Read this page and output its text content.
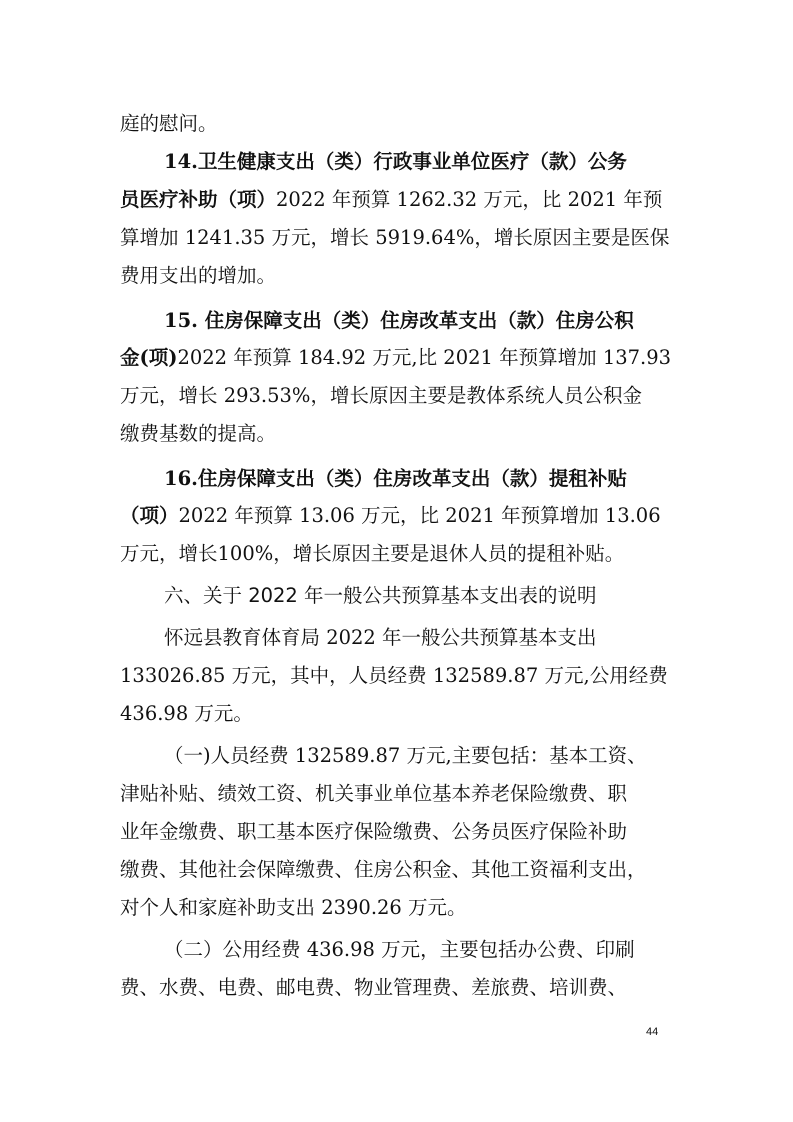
庭的慰问。
14.卫生健康支出（类）行政事业单位医疗（款）公务
员医疗补助（项）2022 年预算 1262.32 万元，比 2021 年预
算增加 1241.35 万元，增长 5919.64%，增长原因主要是医保
费用支出的增加。
15. 住房保障支出（类）住房改革支出（款）住房公积
金(项)2022 年预算 184.92 万元,比 2021 年预算增加 137.93
万元，增长 293.53%，增长原因主要是教体系统人员公积金
缴费基数的提高。
16.住房保障支出（类）住房改革支出（款）提租补贴
（项）2022 年预算 13.06 万元，比 2021 年预算增加 13.06
万元，增长100%，增长原因主要是退休人员的提租补贴。
六、关于 2022 年一般公共预算基本支出表的说明
怀远县教育体育局 2022 年一般公共预算基本支出
133026.85 万元，其中，人员经费 132589.87 万元,公用经费
436.98 万元。
（一)人员经费 132589.87 万元,主要包括：基本工资、
津贴补贴、绩效工资、机关事业单位基本养老保险缴费、职
业年金缴费、职工基本医疗保险缴费、公务员医疗保险补助
缴费、其他社会保障缴费、住房公积金、其他工资福利支出，
对个人和家庭补助支出 2390.26 万元。
（二）公用经费 436.98 万元，主要包括办公费、印刷
费、水费、电费、邮电费、物业管理费、差旅费、培训费、
44
